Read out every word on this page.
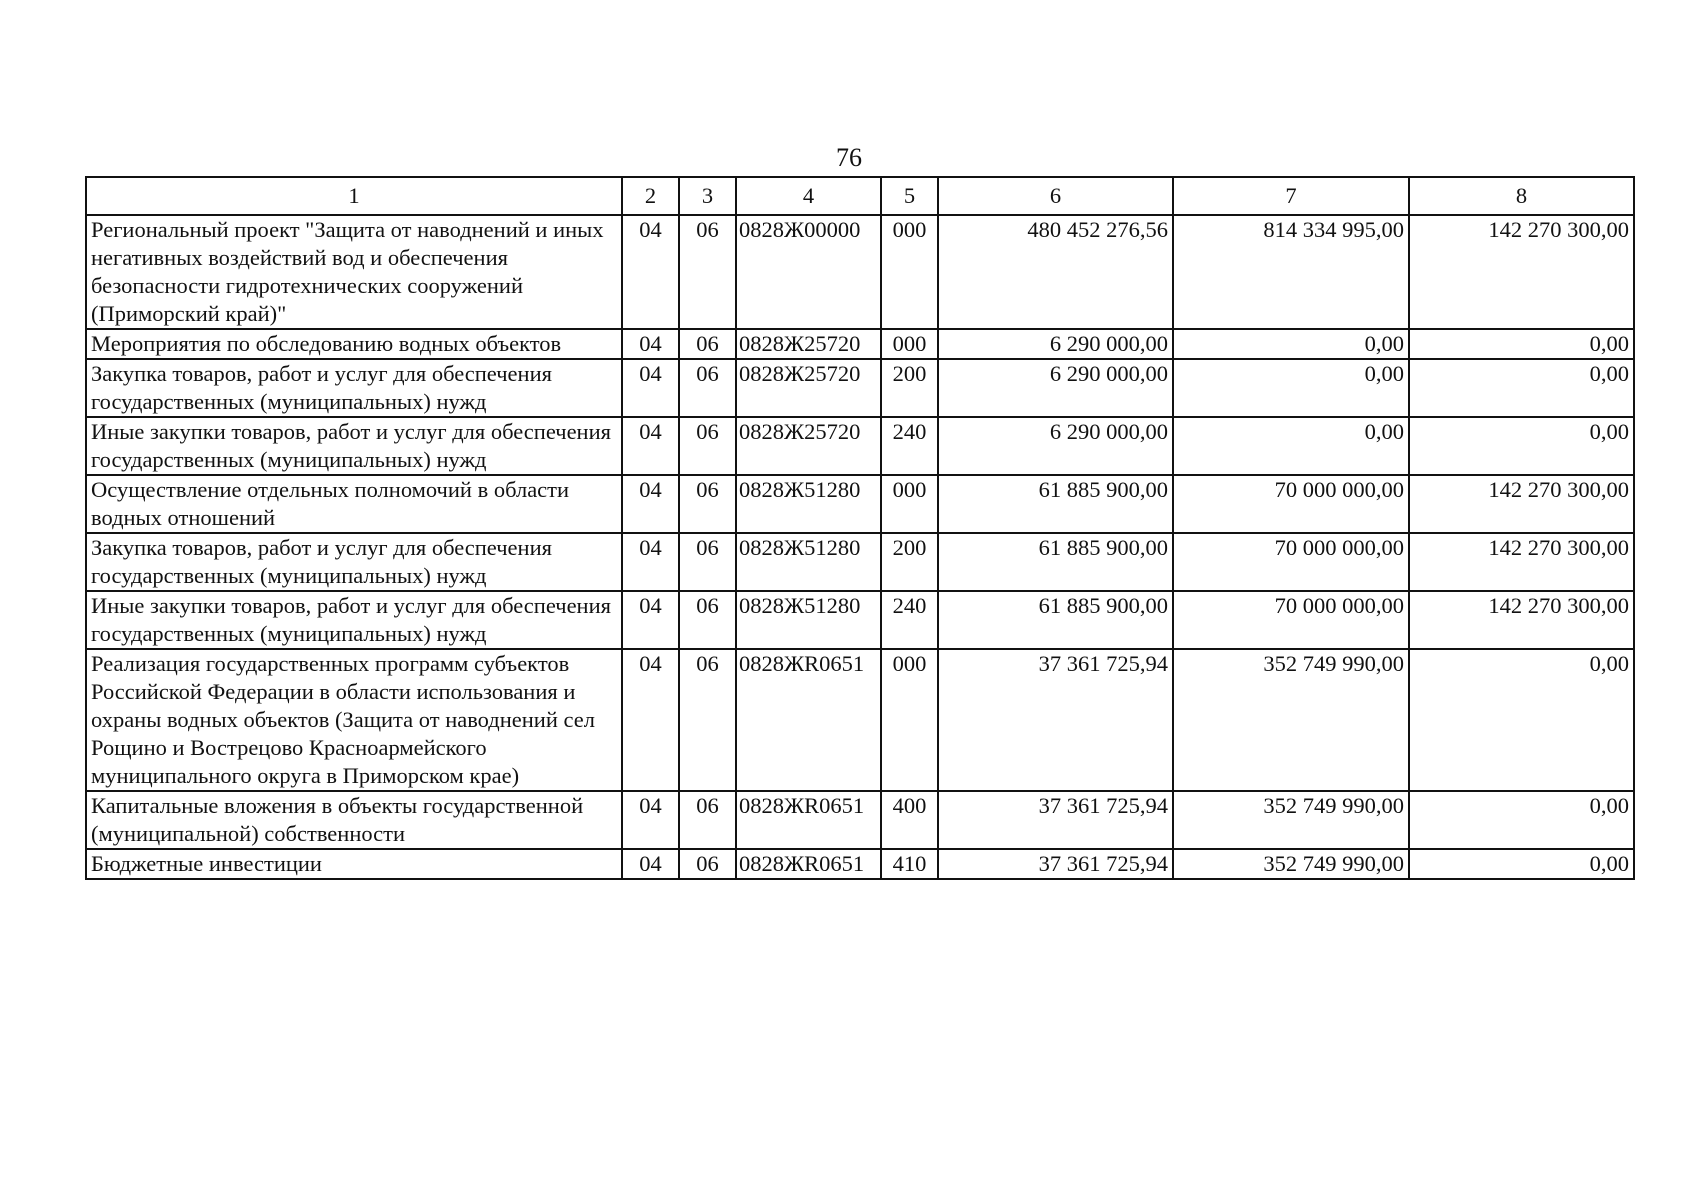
76
1	2	3	4	5	6	7	8
Региональный проект "Защита от наводнений и иных негативных воздействий вод и обеспечения безопасности гидротехнических сооружений (Приморский край)"	04	06	0828Ж00000	000	480 452 276,56	814 334 995,00	142 270 300,00
Мероприятия по обследованию водных объектов	04	06	0828Ж25720	000	6 290 000,00	0,00	0,00
Закупка товаров, работ и услуг для обеспечения государственных (муниципальных) нужд	04	06	0828Ж25720	200	6 290 000,00	0,00	0,00
Иные закупки товаров, работ и услуг для обеспечения государственных (муниципальных) нужд	04	06	0828Ж25720	240	6 290 000,00	0,00	0,00
Осуществление отдельных полномочий в области водных отношений	04	06	0828Ж51280	000	61 885 900,00	70 000 000,00	142 270 300,00
Закупка товаров, работ и услуг для обеспечения государственных (муниципальных) нужд	04	06	0828Ж51280	200	61 885 900,00	70 000 000,00	142 270 300,00
Иные закупки товаров, работ и услуг для обеспечения государственных (муниципальных) нужд	04	06	0828Ж51280	240	61 885 900,00	70 000 000,00	142 270 300,00
Реализация государственных программ субъектов Российской Федерации в области использования и охраны водных объектов (Защита от наводнений сел Рощино и Вострецово Красноармейского муниципального округа в Приморском крае)	04	06	0828ЖR0651	000	37 361 725,94	352 749 990,00	0,00
Капитальные вложения в объекты государственной (муниципальной) собственности	04	06	0828ЖR0651	400	37 361 725,94	352 749 990,00	0,00
Бюджетные инвестиции	04	06	0828ЖR0651	410	37 361 725,94	352 749 990,00	0,00
